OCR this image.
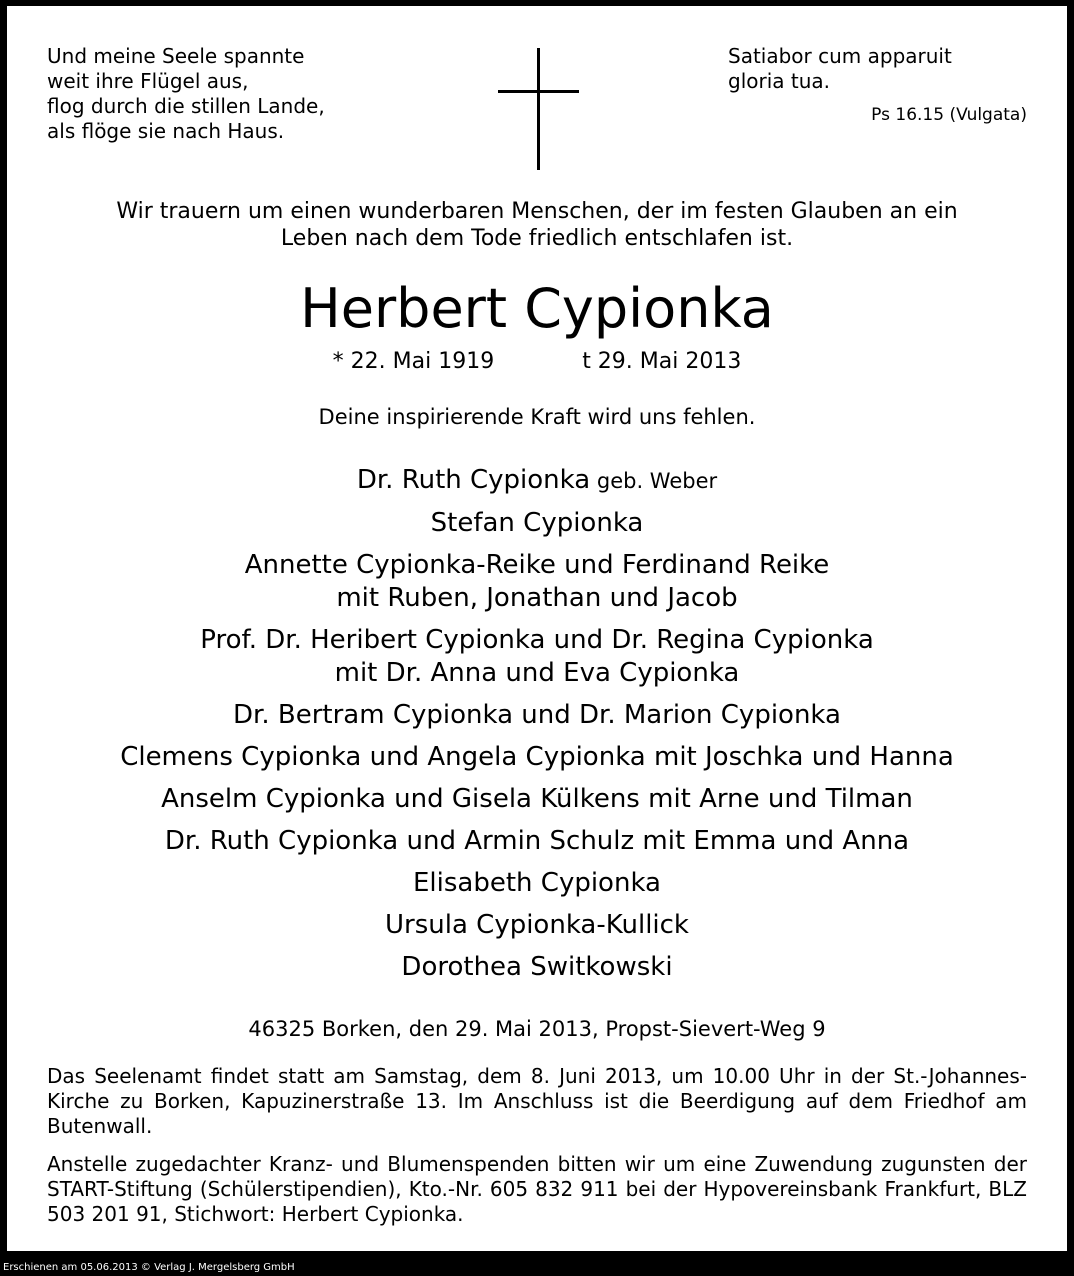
Und meine Seele spannte
weit ihre Flügel aus,
flog durch die stillen Lande,
als flöge sie nach Haus.
Satiabor cum apparuit
gloria tua.
Ps 16.15 (Vulgata)
Wir trauern um einen wunderbaren Menschen, der im festen Glauben an ein
Leben nach dem Tode friedlich entschlafen ist.
Herbert Cypionka
* 22. Mai 1919	t 29. Mai 2013
Deine inspirierende Kraft wird uns fehlen.
Dr. Ruth Cypionka geb. Weber
Stefan Cypionka
Annette Cypionka-Reike und Ferdinand Reike
mit Ruben, Jonathan und Jacob
Prof. Dr. Heribert Cypionka und Dr. Regina Cypionka
mit Dr. Anna und Eva Cypionka
Dr. Bertram Cypionka und Dr. Marion Cypionka
Clemens Cypionka und Angela Cypionka mit Joschka und Hanna
Anselm Cypionka und Gisela Külkens mit Arne und Tilman
Dr. Ruth Cypionka und Armin Schulz mit Emma und Anna
Elisabeth Cypionka
Ursula Cypionka-Kullick
Dorothea Switkowski
46325 Borken, den 29. Mai 2013, Propst-Sievert-Weg 9
Das Seelenamt findet statt am Samstag, dem 8. Juni 2013, um 10.00 Uhr in der St.-Johannes-Kirche zu Borken, Kapuzinerstraße 13. Im Anschluss ist die Beerdigung auf dem Friedhof am Butenwall.
Anstelle zugedachter Kranz- und Blumenspenden bitten wir um eine Zuwendung zugunsten der START-Stiftung (Schülerstipendien), Kto.-Nr. 605 832 911 bei der Hypovereinsbank Frankfurt, BLZ 503 201 91, Stichwort: Herbert Cypionka.
Erschienen am 05.06.2013 © Verlag J. Mergelsberg GmbH
